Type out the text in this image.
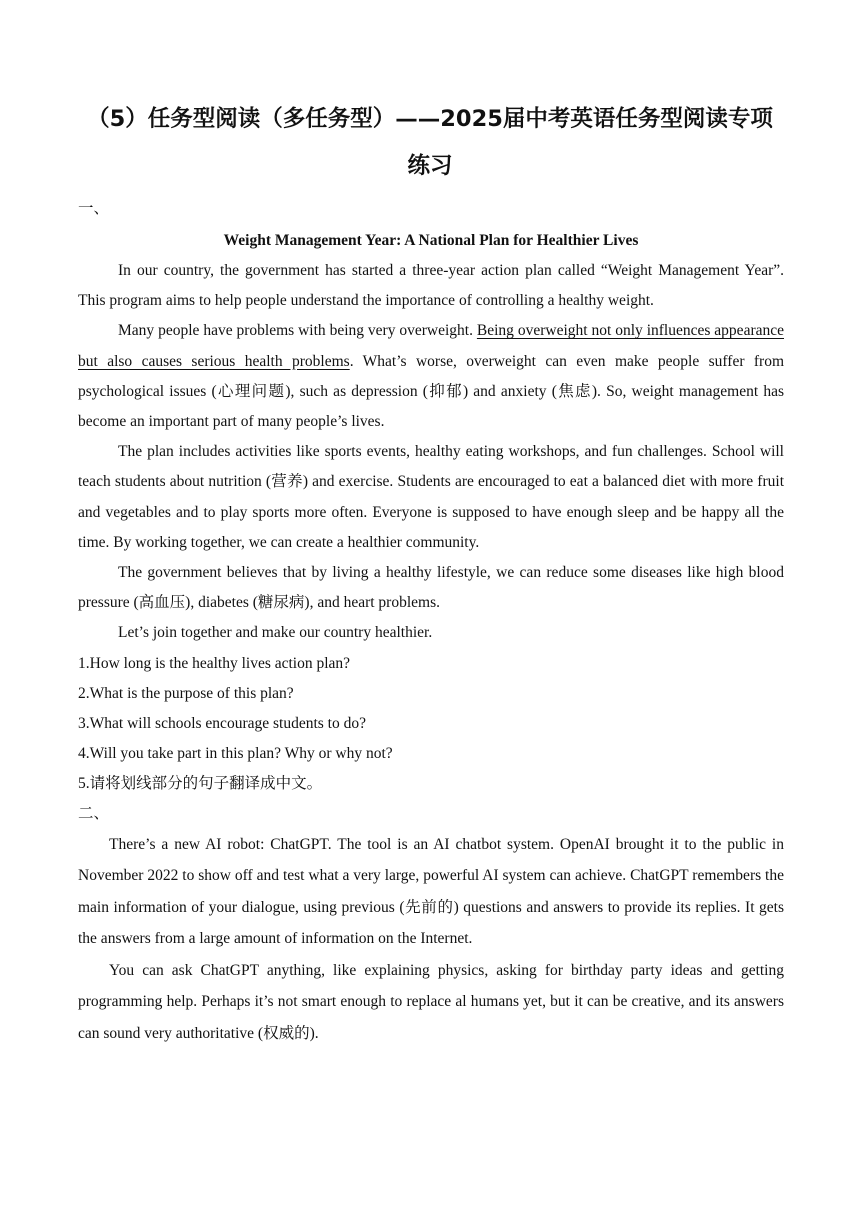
（5）任务型阅读（多任务型）——2025届中考英语任务型阅读专项
练习

一、

Weight Management Year: A National Plan for Healthier Lives

In our country, the government has started a three-year action plan called “Weight Management Year”. This program aims to help people understand the importance of controlling a healthy weight.

Many people have problems with being very overweight. Being overweight not only influences appearance but also causes serious health problems. What’s worse, overweight can even make people suffer from psychological issues (心理问题), such as depression (抑郁) and anxiety (焦虑). So, weight management has become an important part of many people’s lives.

The plan includes activities like sports events, healthy eating workshops, and fun challenges. School will teach students about nutrition (营养) and exercise. Students are encouraged to eat a balanced diet with more fruit and vegetables and to play sports more often. Everyone is supposed to have enough sleep and be happy all the time. By working together, we can create a healthier community.

The government believes that by living a healthy lifestyle, we can reduce some diseases like high blood pressure (高血压), diabetes (糖尿病), and heart problems.

Let’s join together and make our country healthier.

1.How long is the healthy lives action plan?

2.What is the purpose of this plan?

3.What will schools encourage students to do?

4.Will you take part in this plan? Why or why not?

5.请将划线部分的句子翻译成中文。

二、

There’s a new AI robot: ChatGPT. The tool is an AI chatbot system. OpenAI brought it to the public in November 2022 to show off and test what a very large, powerful AI system can achieve. ChatGPT remembers the main information of your dialogue, using previous (先前的) questions and answers to provide its replies. It gets the answers from a large amount of information on the Internet.

You can ask ChatGPT anything, like explaining physics, asking for birthday party ideas and getting programming help. Perhaps it’s not smart enough to replace al humans yet, but it can be creative, and its answers can sound very authoritative (权威的).
